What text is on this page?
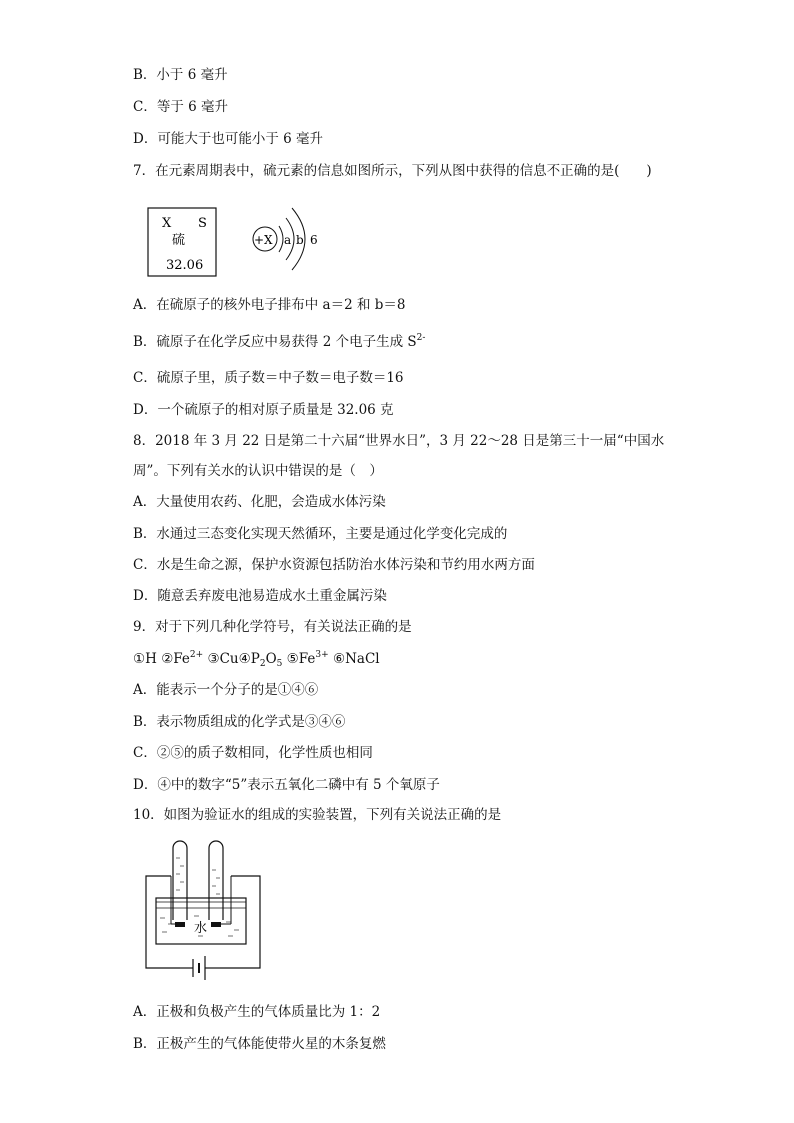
B．小于 6 毫升
C．等于 6 毫升
D．可能大于也可能小于 6 毫升
7．在元素周期表中，硫元素的信息如图所示，下列从图中获得的信息不正确的是(　　)
X S
硫
32.06
+X a b 6
A．在硫原子的核外电子排布中 a＝2 和 b＝8
B．硫原子在化学反应中易获得 2 个电子生成 $S^{2-}$
C．硫原子里，质子数＝中子数＝电子数＝16
D．一个硫原子的相对原子质量是 32.06 克
8．2018 年 3 月 22 日是第二十六届“世界水日”，3 月 22～28 日是第三十一届“中国水
周”。下列有关水的认识中错误的是（　）
A．大量使用农药、化肥，会造成水体污染
B．水通过三态变化实现天然循环，主要是通过化学变化完成的
C．水是生命之源，保护水资源包括防治水体污染和节约用水两方面
D．随意丢弃废电池易造成水土重金属污染
9．对于下列几种化学符号，有关说法正确的是
①H $②Fe^{2+}$ $③Cu④P_2O_5$ $⑤Fe^{3+}$ ⑥NaCl
A．能表示一个分子的是①④⑥
B．表示物质组成的化学式是③④⑥
C．②⑤的质子数相同，化学性质也相同
D．④中的数字“5”表示五氧化二磷中有 5 个氧原子
10．如图为验证水的组成的实验装置，下列有关说法正确的是
水
A．正极和负极产生的气体质量比为 1：2
B．正极产生的气体能使带火星的木条复燃
